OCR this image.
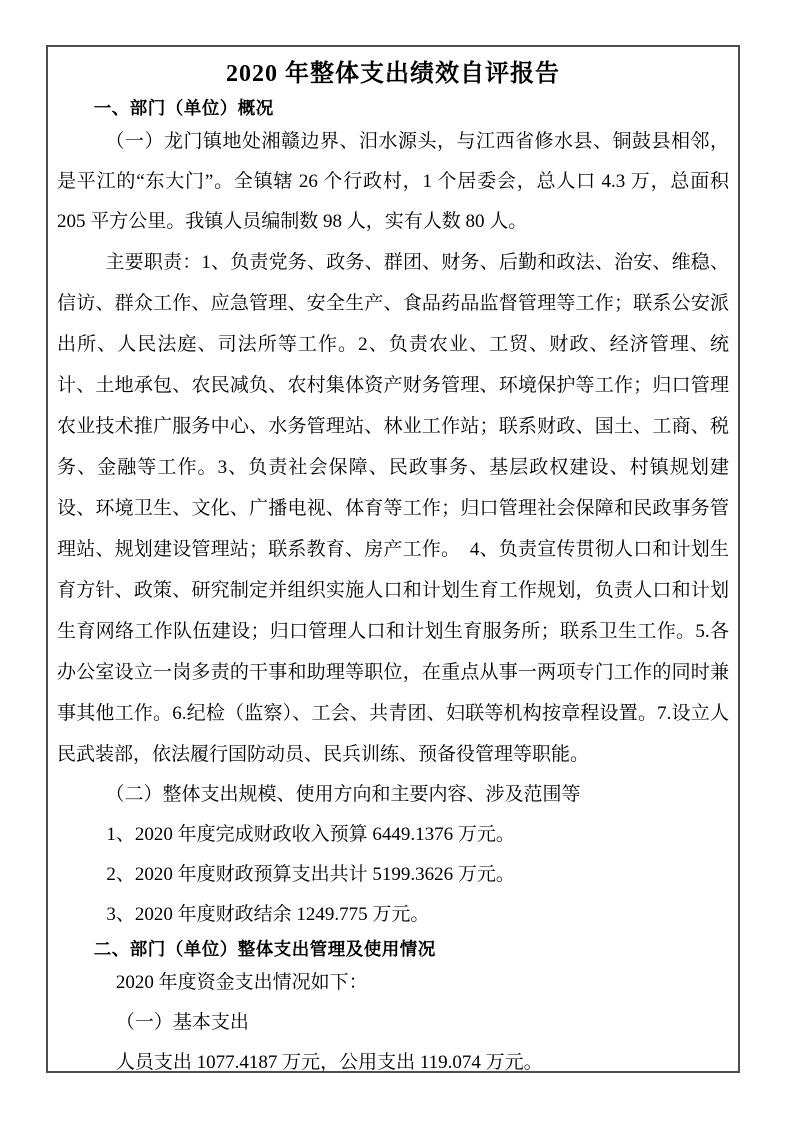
2020 年整体支出绩效自评报告
一、部门（单位）概况

（一）龙门镇地处湘赣边界、汨水源头，与江西省修水县、铜鼓县相邻，是平江的“东大门”。全镇辖 26 个行政村，1 个居委会，总人口 4.3 万，总面积 205 平方公里。我镇人员编制数 98 人，实有人数 80 人。

主要职责：1、负责党务、政务、群团、财务、后勤和政法、治安、维稳、信访、群众工作、应急管理、安全生产、食品药品监督管理等工作；联系公安派出所、人民法庭、司法所等工作。2、负责农业、工贸、财政、经济管理、统计、土地承包、农民减负、农村集体资产财务管理、环境保护等工作；归口管理农业技术推广服务中心、水务管理站、林业工作站；联系财政、国土、工商、税务、金融等工作。3、负责社会保障、民政事务、基层政权建设、村镇规划建设、环境卫生、文化、广播电视、体育等工作；归口管理社会保障和民政事务管理站、规划建设管理站；联系教育、房产工作。　4、负责宣传贯彻人口和计划生育方针、政策、研究制定并组织实施人口和计划生育工作规划，负责人口和计划生育网络工作队伍建设；归口管理人口和计划生育服务所；联系卫生工作。5.各办公室设立一岗多责的干事和助理等职位，在重点从事一两项专门工作的同时兼事其他工作。6.纪检（监察）、工会、共青团、妇联等机构按章程设置。7.设立人民武装部，依法履行国防动员、民兵训练、预备役管理等职能。

（二）整体支出规模、使用方向和主要内容、涉及范围等

1、2020 年度完成财政收入预算 6449.1376 万元。

2、2020 年度财政预算支出共计 5199.3626 万元。

3、2020 年度财政结余 1249.775 万元。

二、部门（单位）整体支出管理及使用情况

2020 年度资金支出情况如下：

（一）基本支出

人员支出 1077.4187 万元，公用支出 119.074 万元。
